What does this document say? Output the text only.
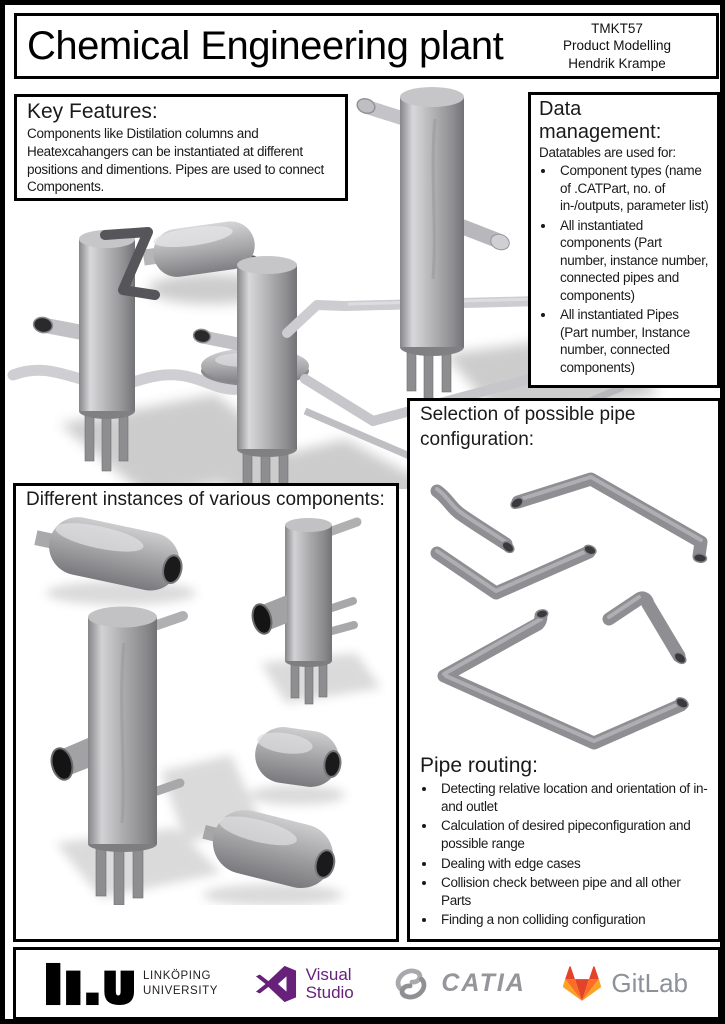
Chemical Engineering plant	TMKT57
Product Modelling
Hendrik Krampe
Key Features:
Components like Distilation columns and Heatexcahangers can be instantiated at different positions and dimentions. Pipes are used to connect Components.
Data management:

Datatables are used for:

• Component types (name of .CATPart, no. of in-/outputs, parameter list)
• All instantiated components (Part number, instance number, connected pipes and components)
• All instantiated Pipes (Part number, Instance number, connected components)
Different instances of various components:
Selection of possible pipe configuration:
Pipe routing:
• Detecting relative location and orientation of in- and outlet
• Calculation of desired pipeconfiguration and possible range
• Dealing with edge cases
• Collision check between pipe and all other Parts
• Finding a non colliding configuration
LINKÖPING
UNIVERSITY
Visual
Studio	CATIA	GitLab
